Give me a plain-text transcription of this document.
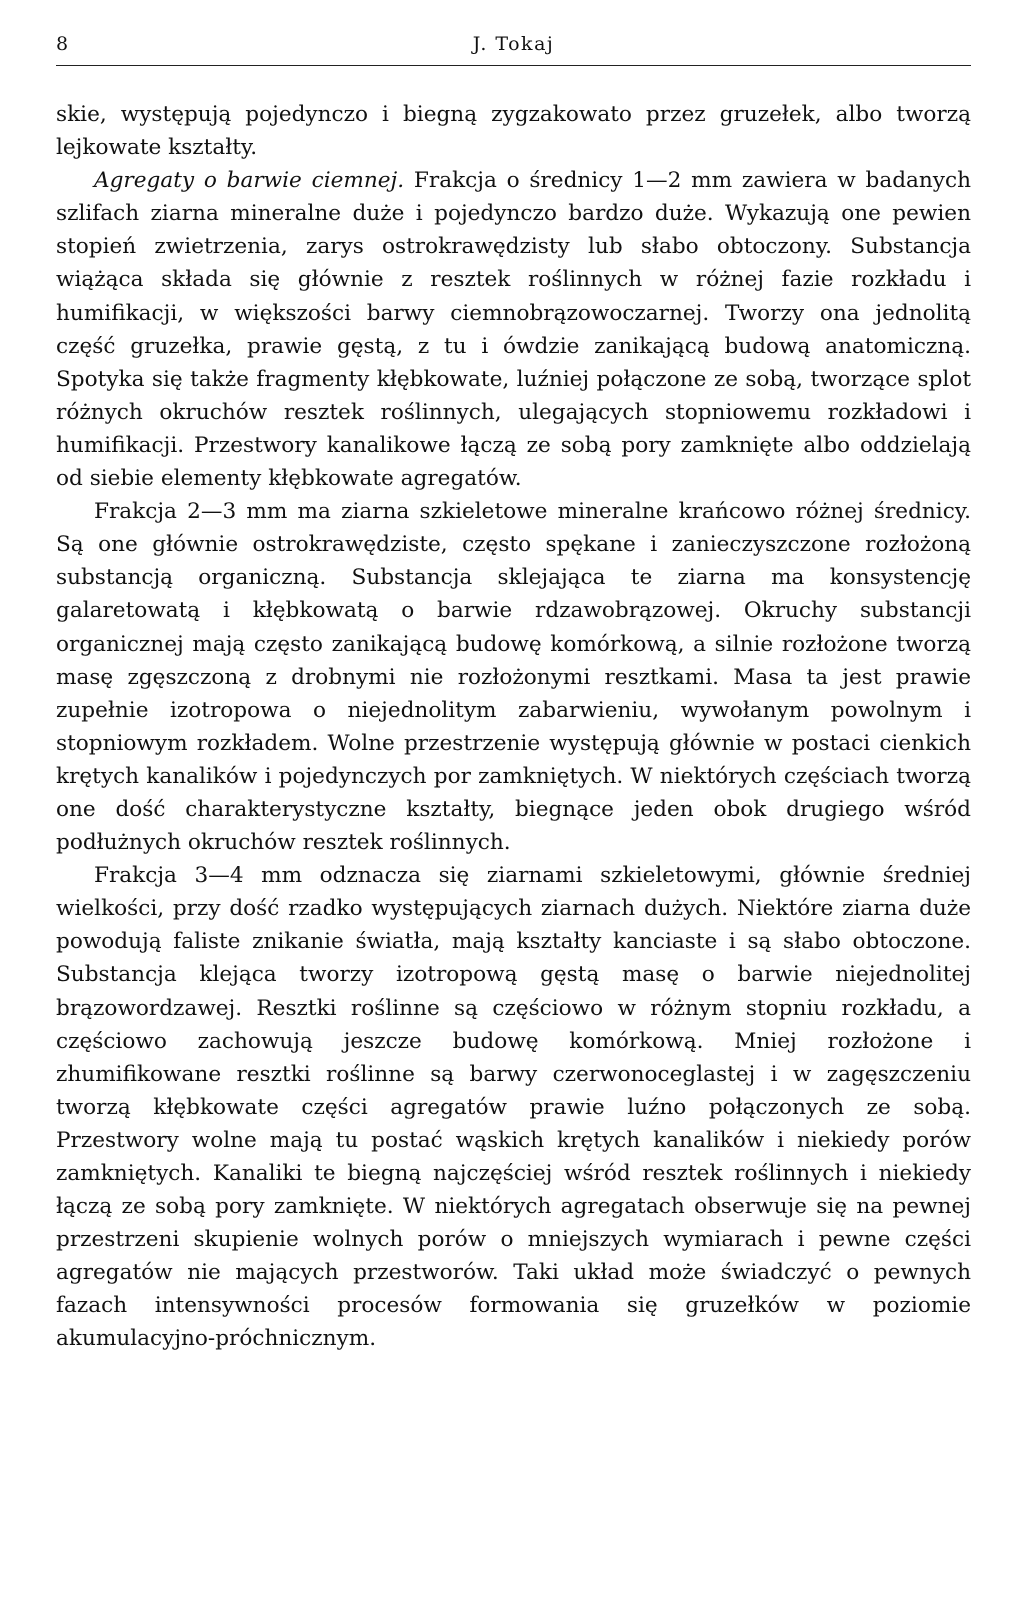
8	J. Tokaj

skie, występują pojedynczo i biegną zygzakowato przez gruzełek, albo tworzą lejkowate kształty.

Agregaty o barwie ciemnej. Frakcja o średnicy 1—2 mm zawiera w badanych szlifach ziarna mineralne duże i pojedynczo bardzo duże. Wykazują one pewien stopień zwietrzenia, zarys ostrokrawędzisty lub słabo obtoczony. Substancja wiążąca składa się głównie z resztek roślinnych w różnej fazie rozkładu i humifikacji, w większości barwy ciemnobrązowoczarnej. Tworzy ona jednolitą część gruzełka, prawie gęstą, z tu i ówdzie zanikającą budową anatomiczną. Spotyka się także fragmenty kłębkowate, luźniej połączone ze sobą, tworzące splot różnych okruchów resztek roślinnych, ulegających stopniowemu rozkładowi i humifikacji. Przestwory kanalikowe łączą ze sobą pory zamknięte albo oddzielają od siebie elementy kłębkowate agregatów.

Frakcja 2—3 mm ma ziarna szkieletowe mineralne krańcowo różnej średnicy. Są one głównie ostrokrawędziste, często spękane i zanieczyszczone rozłożoną substancją organiczną. Substancja sklejająca te ziarna ma konsystencję galaretowatą i kłębkowatą o barwie rdzawobrązowej. Okruchy substancji organicznej mają często zanikającą budowę komórkową, a silnie rozłożone tworzą masę zgęszczoną z drobnymi nie rozłożonymi resztkami. Masa ta jest prawie zupełnie izotropowa o niejednolitym zabarwieniu, wywołanym powolnym i stopniowym rozkładem. Wolne przestrzenie występują głównie w postaci cienkich krętych kanalików i pojedynczych por zamkniętych. W niektórych częściach tworzą one dość charakterystyczne kształty, biegnące jeden obok drugiego wśród podłużnych okruchów resztek roślinnych.

Frakcja 3—4 mm odznacza się ziarnami szkieletowymi, głównie średniej wielkości, przy dość rzadko występujących ziarnach dużych. Niektóre ziarna duże powodują faliste znikanie światła, mają kształty kanciaste i są słabo obtoczone. Substancja klejąca tworzy izotropową gęstą masę o barwie niejednolitej brązowordzawej. Resztki roślinne są częściowo w różnym stopniu rozkładu, a częściowo zachowują jeszcze budowę komórkową. Mniej rozłożone i zhumifikowane resztki roślinne są barwy czerwonoceglastej i w zagęszczeniu tworzą kłębkowate części agregatów prawie luźno połączonych ze sobą. Przestwory wolne mają tu postać wąskich krętych kanalików i niekiedy porów zamkniętych. Kanaliki te biegną najczęściej wśród resztek roślinnych i niekiedy łączą ze sobą pory zamknięte. W niektórych agregatach obserwuje się na pewnej przestrzeni skupienie wolnych porów o mniejszych wymiarach i pewne części agregatów nie mających przestworów. Taki układ może świadczyć o pewnych fazach intensywności procesów formowania się gruzełków w poziomie akumulacyjno-próchnicznym.
